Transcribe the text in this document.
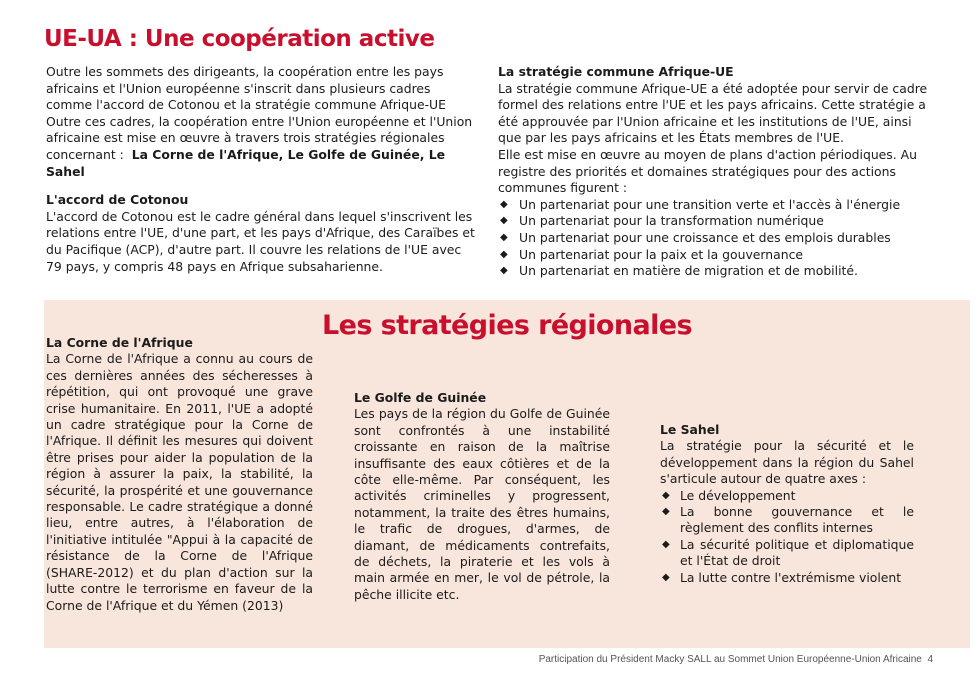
UE-UA : Une coopération active

Outre les sommets des dirigeants, la coopération entre les pays africains et l'Union européenne s'inscrit dans plusieurs cadres comme l'accord de Cotonou et la stratégie commune Afrique-UE

Outre ces cadres, la coopération entre l'Union européenne et l'Union africaine est mise en œuvre à travers trois stratégies régionales concernant : La Corne de l'Afrique, Le Golfe de Guinée, Le Sahel

L'accord de Cotonou

L'accord de Cotonou est le cadre général dans lequel s'inscrivent les relations entre l'UE, d'une part, et les pays d'Afrique, des Caraïbes et du Pacifique (ACP), d'autre part. Il couvre les relations de l'UE avec 79 pays, y compris 48 pays en Afrique subsaharienne.

La stratégie commune Afrique-UE

La stratégie commune Afrique-UE a été adoptée pour servir de cadre formel des relations entre l'UE et les pays africains. Cette stratégie a été approuvée par l'Union africaine et les institutions de l'UE, ainsi que par les pays africains et les États membres de l'UE.

Elle est mise en œuvre au moyen de plans d'action périodiques. Au registre des priorités et domaines stratégiques pour des actions communes figurent :

◆ Un partenariat pour une transition verte et l'accès à l'énergie
◆ Un partenariat pour la transformation numérique
◆ Un partenariat pour une croissance et des emplois durables
◆ Un partenariat pour la paix et la gouvernance
◆ Un partenariat en matière de migration et de mobilité.
Les stratégies régionales

La Corne de l'Afrique

La Corne de l'Afrique a connu au cours de ces dernières années des sécheresses à répétition, qui ont provoqué une grave crise humanitaire. En 2011, l'UE a adopté un cadre stratégique pour la Corne de l'Afrique. Il définit les mesures qui doivent être prises pour aider la population de la région à assurer la paix, la stabilité, la sécurité, la prospérité et une gouvernance responsable. Le cadre stratégique a donné lieu, entre autres, à l'élaboration de l'initiative intitulée "Appui à la capacité de résistance de la Corne de l'Afrique (SHARE-2012) et du plan d'action sur la lutte contre le terrorisme en faveur de la Corne de l'Afrique et du Yémen (2013)

Le Golfe de Guinée

Les pays de la région du Golfe de Guinée sont confrontés à une instabilité croissante en raison de la maîtrise insuffisante des eaux côtières et de la côte elle-même. Par conséquent, les activités criminelles y progressent, notamment, la traite des êtres humains, le trafic de drogues, d'armes, de diamant, de médicaments contrefaits, de déchets, la piraterie et les vols à main armée en mer, le vol de pétrole, la pêche illicite etc.

Le Sahel

La stratégie pour la sécurité et le développement dans la région du Sahel s'articule autour de quatre axes :

◆ Le développement
◆ La bonne gouvernance et le règlement des conflits internes
◆ La sécurité politique et diplomatique et l'État de droit
◆ La lutte contre l'extrémisme violent
Participation du Président Macky SALL au Sommet Union Européenne-Union Africaine 4
